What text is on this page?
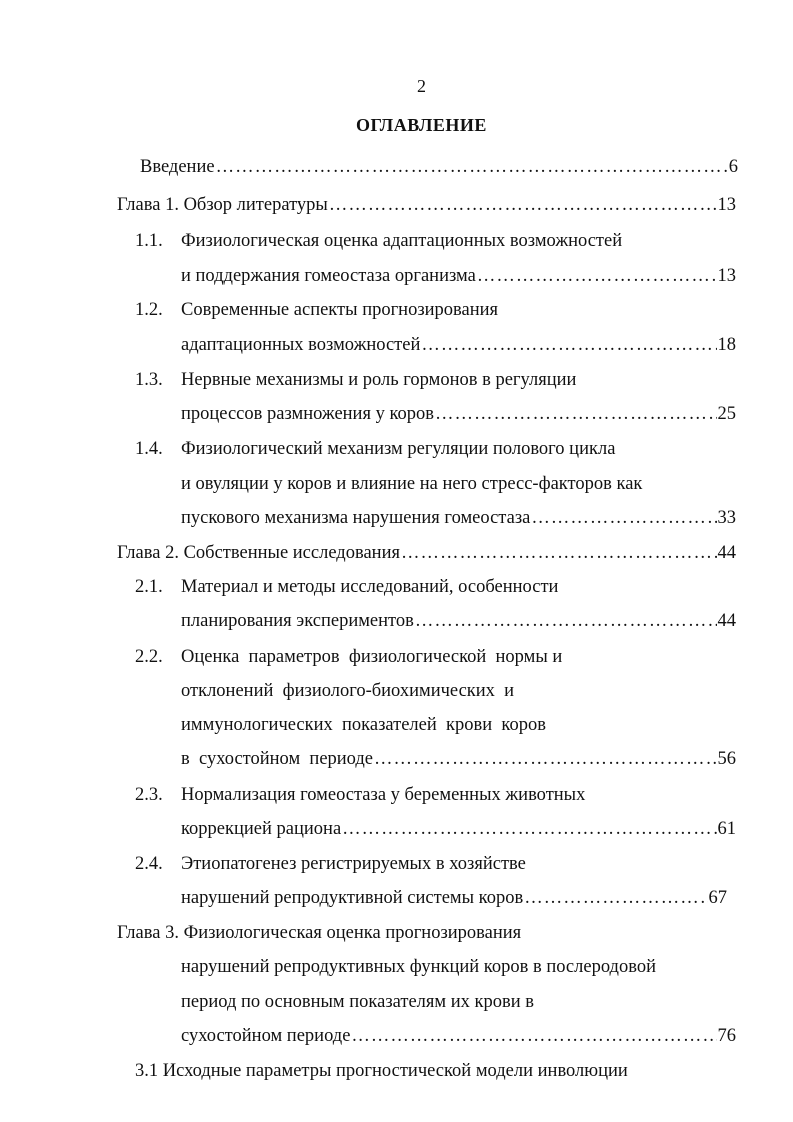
2
ОГЛАВЛЕНИЕ
Введение ……………………………………………………………………………………………………………………………………	6
Глава 1. Обзор литературы ……………………………………………………………………………………………………………………………………	13
1.1. Физиологическая оценка адаптационных возможностей
и поддержания гомеостаза организма ……………………………………………………………………………………………………………………………………	13
1.2. Современные аспекты прогнозирования
адаптационных возможностей ……………………………………………………………………………………………………………………………………	18
1.3. Нервные механизмы и роль гормонов в регуляции
процессов размножения у коров ……………………………………………………………………………………………………………………………………	25
1.4. Физиологический механизм регуляции полового цикла
и овуляции у коров и влияние на него стресс-факторов как
пускового механизма нарушения гомеостаза ……………………………………………………………………………………………………………………………………	33
Глава 2. Собственные исследования ……………………………………………………………………………………………………………………………………	44
2.1. Материал и методы исследований, особенности
планирования экспериментов ……………………………………………………………………………………………………………………………………	44
2.2. Оценка  параметров  физиологической  нормы и
отклонений  физиолого-биохимических  и
иммунологических  показателей  крови  коров
в  сухостойном  периоде ……………………………………………………………………………………………………………………………………	56
2.3. Нормализация гомеостаза у беременных животных
коррекцией рациона ……………………………………………………………………………………………………………………………………	61
2.4. Этиопатогенез регистрируемых в хозяйстве
нарушений репродуктивной системы коров ……………………………………………………………………………………………………………………………………	67
Глава 3. Физиологическая оценка прогнозирования
нарушений репродуктивных функций коров в послеродовой
период по основным показателям их крови в
сухостойном периоде ……………………………………………………………………………………………………………………………………	76
3.1 Исходные параметры прогностической модели инволюции
